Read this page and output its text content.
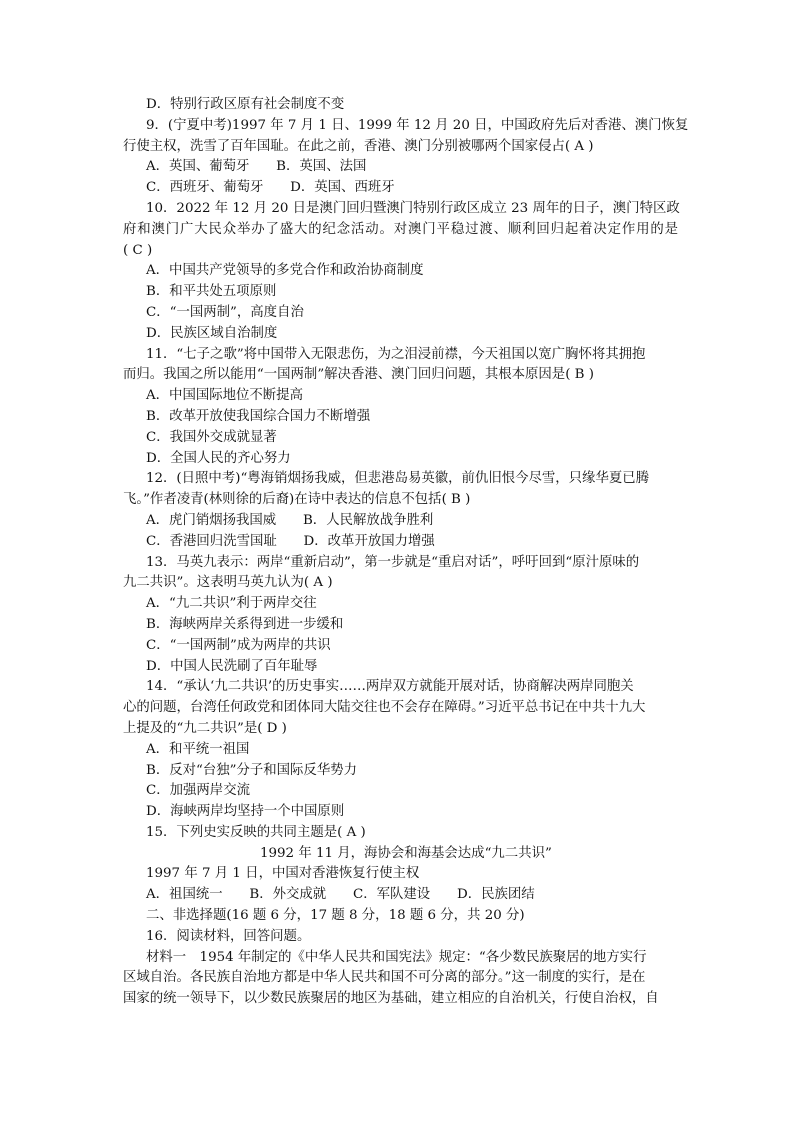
D．特别行政区原有社会制度不变
9．(宁夏中考)1997 年 7 月 1 日、1999 年 12 月 20 日，中国政府先后对香港、澳门恢复
行使主权，洗雪了百年国耻。在此之前，香港、澳门分别被哪两个国家侵占( A )
A．英国、葡萄牙　　B．英国、法国
C．西班牙、葡萄牙　　D．英国、西班牙
10．2022 年 12 月 20 日是澳门回归暨澳门特别行政区成立 23 周年的日子，澳门特区政
府和澳门广大民众举办了盛大的纪念活动。对澳门平稳过渡、顺利回归起着决定作用的是
( C )
A．中国共产党领导的多党合作和政治协商制度
B．和平共处五项原则
C．“一国两制”，高度自治
D．民族区域自治制度
11．“七子之歌”将中国带入无限悲伤，为之泪浸前襟，今天祖国以宽广胸怀将其拥抱
而归。我国之所以能用“一国两制”解决香港、澳门回归问题，其根本原因是( B )
A．中国国际地位不断提高
B．改革开放使我国综合国力不断增强
C．我国外交成就显著
D．全国人民的齐心努力
12．(日照中考)“粤海销烟扬我威，但悲港岛易英徽，前仇旧恨今尽雪，只缘华夏已腾
飞。”作者凌青(林则徐的后裔)在诗中表达的信息不包括( B )
A．虎门销烟扬我国威　　B．人民解放战争胜利
C．香港回归洗雪国耻　　D．改革开放国力增强
13．马英九表示：两岸“重新启动”，第一步就是“重启对话”，呼吁回到“原汁原味的
九二共识”。这表明马英九认为( A )
A．“九二共识”利于两岸交往
B．海峡两岸关系得到进一步缓和
C．“一国两制”成为两岸的共识
D．中国人民洗刷了百年耻辱
14．“承认‘九二共识’的历史事实……两岸双方就能开展对话，协商解决两岸同胞关
心的问题，台湾任何政党和团体同大陆交往也不会存在障碍。”习近平总书记在中共十九大
上提及的“九二共识”是( D )
A．和平统一祖国
B．反对“台独”分子和国际反华势力
C．加强两岸交流
D．海峡两岸均坚持一个中国原则
15．下列史实反映的共同主题是( A )
1992 年 11 月，海协会和海基会达成“九二共识”
1997 年 7 月 1 日，中国对香港恢复行使主权
A．祖国统一　　B．外交成就　　C．军队建设　　D．民族团结
二、非选择题(16 题 6 分，17 题 8 分，18 题 6 分，共 20 分)
16．阅读材料，回答问题。
材料一　1954 年制定的《中华人民共和国宪法》规定：“各少数民族聚居的地方实行
区域自治。各民族自治地方都是中华人民共和国不可分离的部分。”这一制度的实行，是在
国家的统一领导下，以少数民族聚居的地区为基础，建立相应的自治机关，行使自治权，自
